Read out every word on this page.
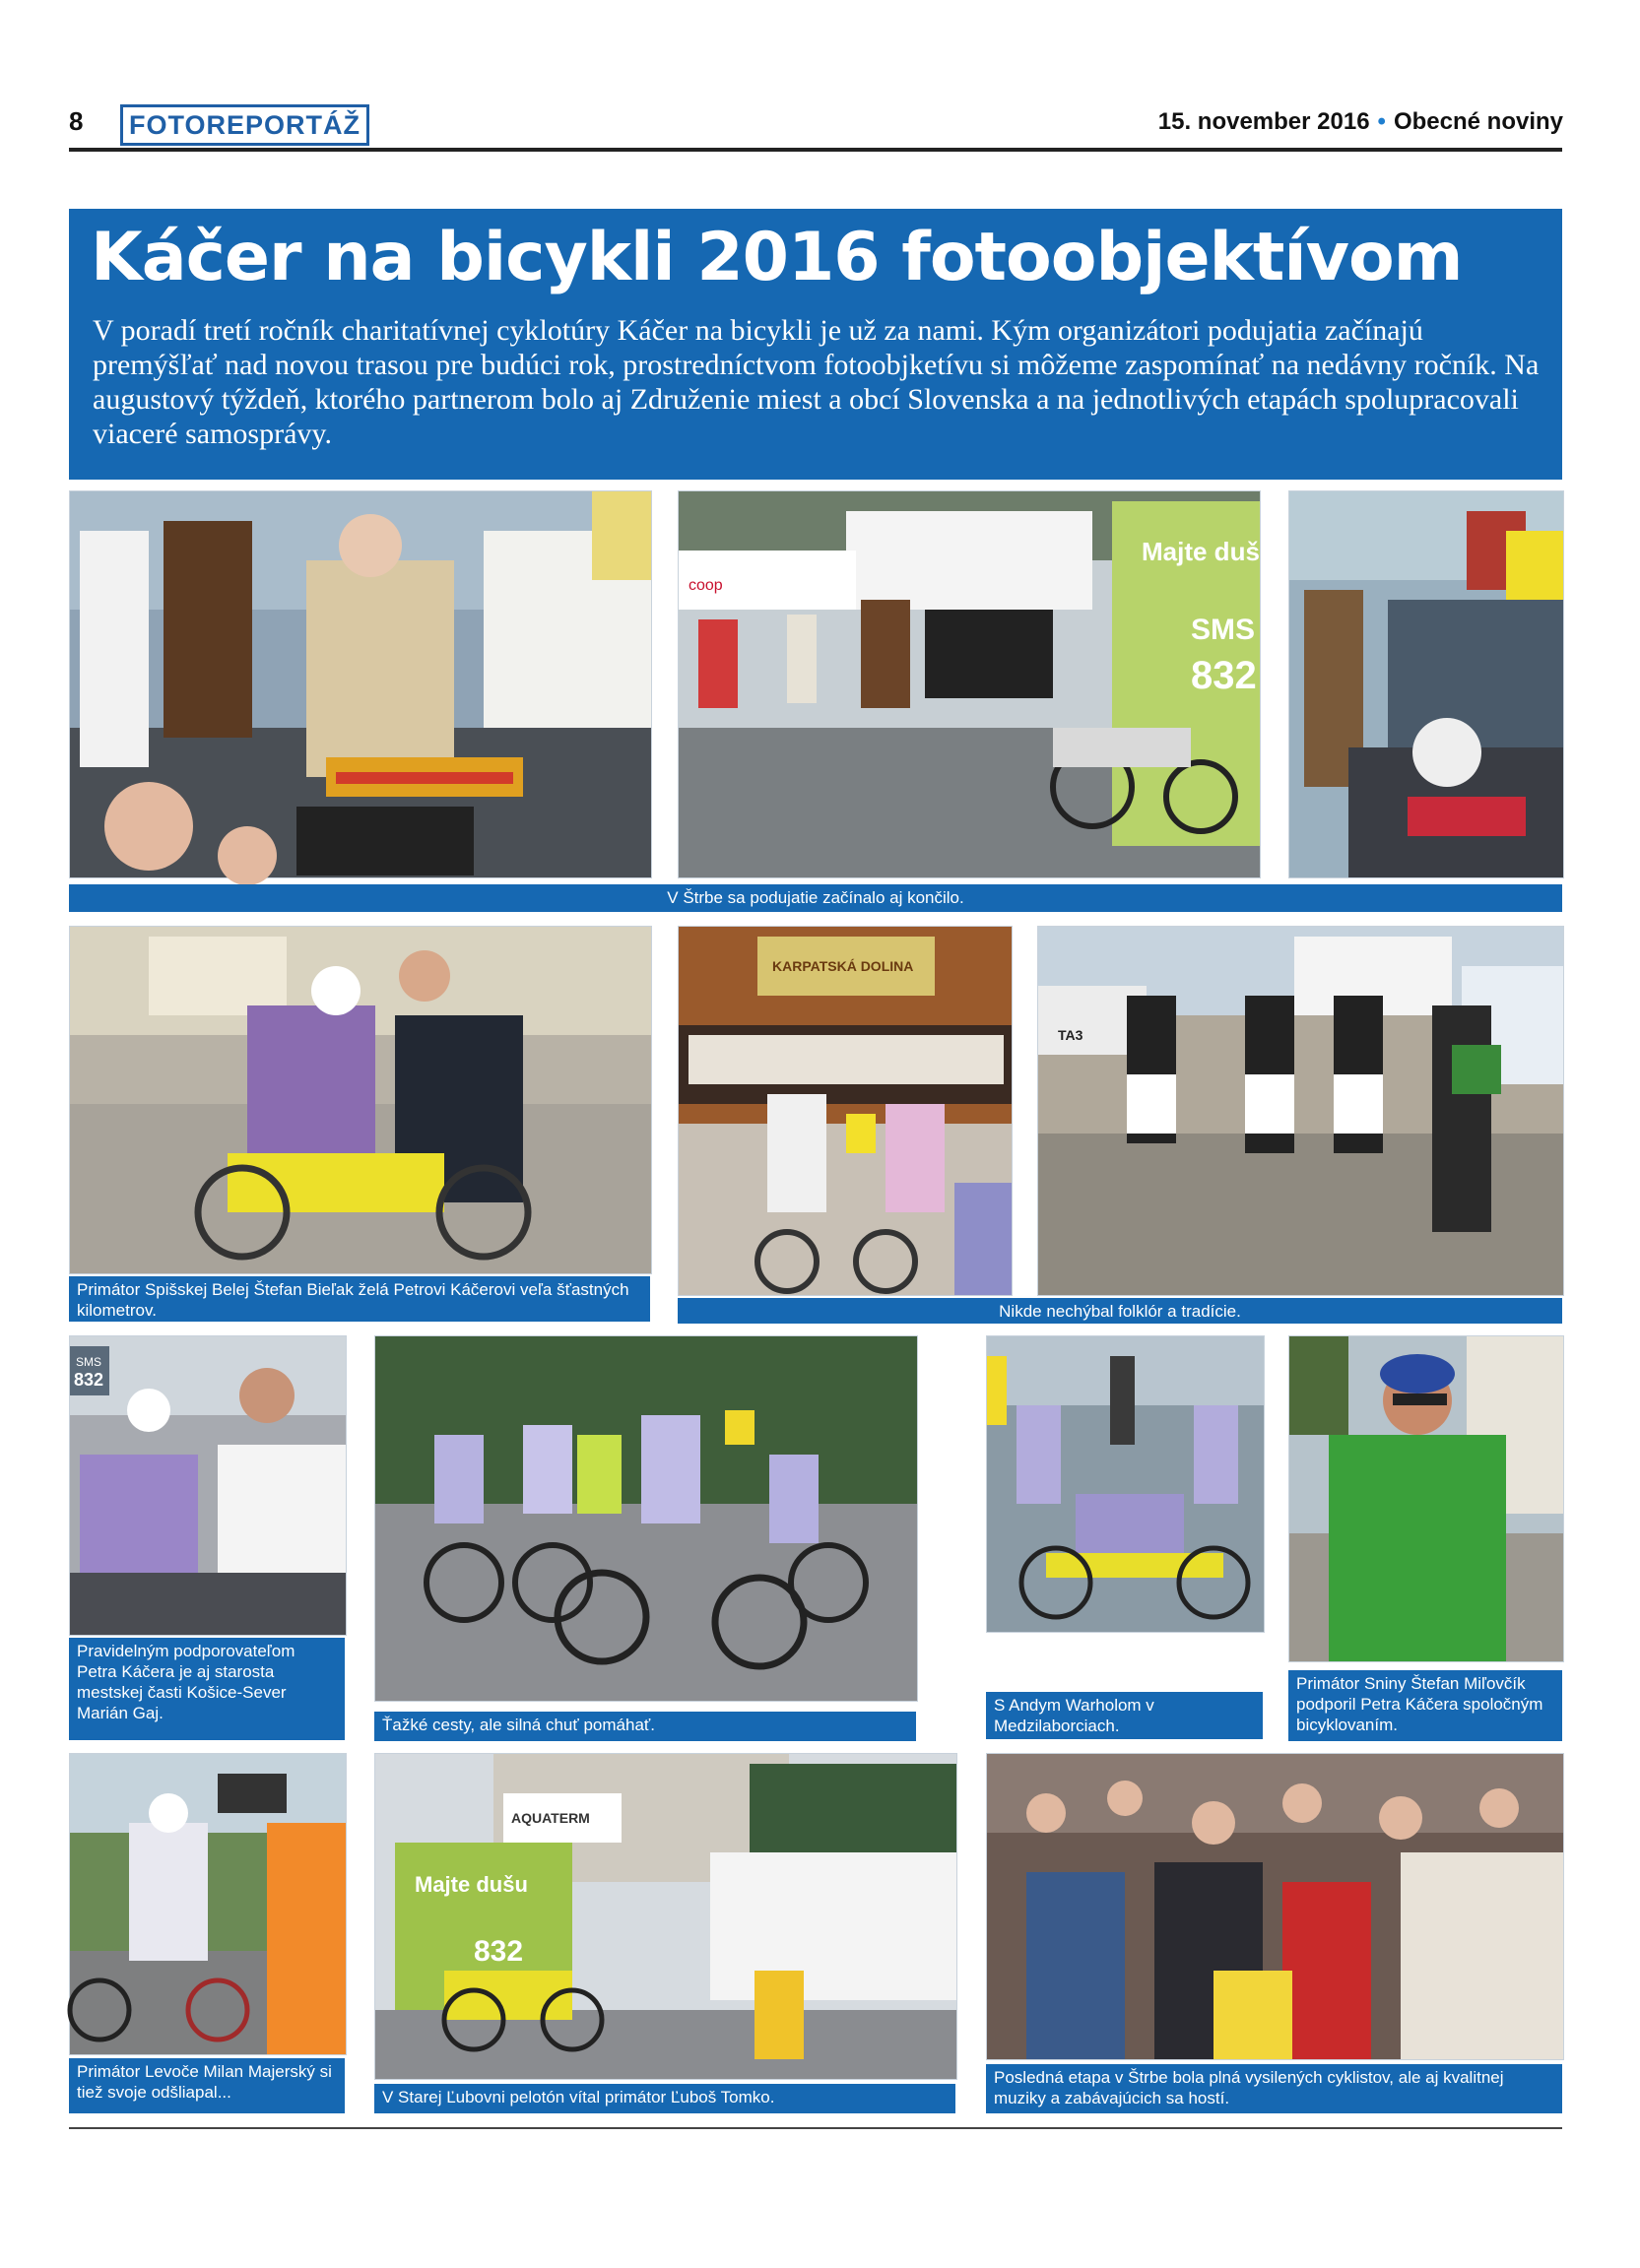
8	FOTOREPORTÁŽ	15. november 2016 • Obecné noviny
Káčer na bicykli 2016 fotoobjektívom
V poradí tretí ročník charitatívnej cyklotúry Káčer na bicykli je už za nami. Kým organizátori podujatia začínajú premýšľať nad novou trasou pre budúci rok, prostredníctvom fotoobjketívu si môžeme zaspomínať na nedávny ročník. Na augustový týždeň, ktorého partnerom bolo aj Združenie miest a obcí Slovenska a na jednotlivých etapách spolupracovali viaceré samosprávy.
coop
Majte dušu
SMS
832
V Štrbe sa podujatie začínalo aj končilo.
Primátor Spišskej Belej Štefan Bieľak želá Petrovi Káčerovi veľa šťastných kilometrov.
KARPATSKÁ DOLINA
TA3
Nikde nechýbal folklór a tradície.
SMS
832
Pravidelným podporovateľom Petra Káčera je aj starosta mestskej časti Košice-Sever Marián Gaj.
Ťažké cesty, ale silná chuť pomáhať.
S Andym Warholom v Medzilaborciach.
Primátor Sniny Štefan Miľovčík podporil Petra Káčera spoločným bicyklovaním.
Primátor Levoče Milan Majerský si tiež svoje odšliapal...
AQUATERM
Majte dušu
832
V Starej Ľubovni pelotón vítal primátor Ľuboš Tomko.
Posledná etapa v Štrbe bola plná vysilených cyklistov, ale aj kvalitnej muziky a zabávajúcich sa hostí.
